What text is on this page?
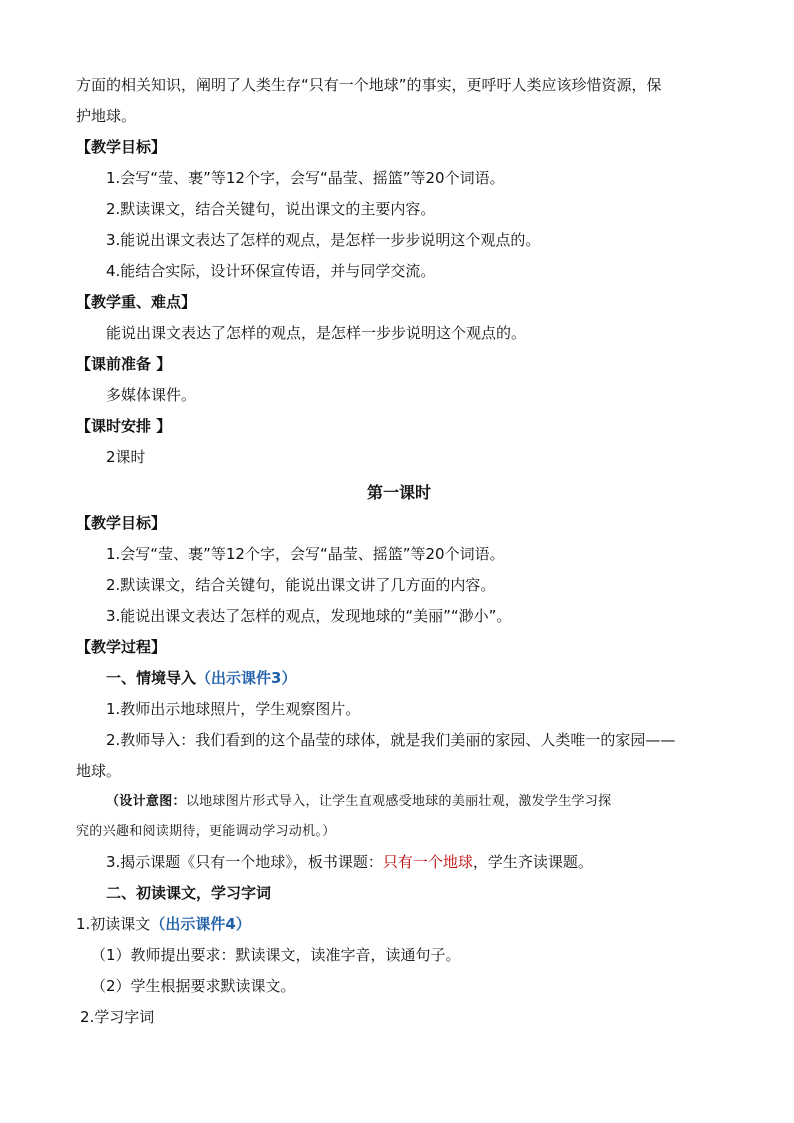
方面的相关知识，阐明了人类生存“只有一个地球”的事实，更呼吁人类应该珍惜资源，保
护地球。
【教学目标】
1.会写“莹、裹”等12个字，会写“晶莹、摇篮”等20个词语。
2.默读课文，结合关键句，说出课文的主要内容。
3.能说出课文表达了怎样的观点，是怎样一步步说明这个观点的。
4.能结合实际，设计环保宣传语，并与同学交流。
【教学重、难点】
能说出课文表达了怎样的观点，是怎样一步步说明这个观点的。
【课前准备 】
多媒体课件。
【课时安排 】
2课时
第一课时
【教学目标】
1.会写“莹、裹”等12个字，会写“晶莹、摇篮”等20个词语。
2.默读课文，结合关键句，能说出课文讲了几方面的内容。
3.能说出课文表达了怎样的观点，发现地球的“美丽”“渺小”。
【教学过程】
一、情境导入（出示课件3）
1.教师出示地球照片，学生观察图片。
2.教师导入：我们看到的这个晶莹的球体，就是我们美丽的家园、人类唯一的家园——
地球。
（设计意图：以地球图片形式导入，让学生直观感受地球的美丽壮观，激发学生学习探
究的兴趣和阅读期待，更能调动学习动机。）
3.揭示课题《只有一个地球》，板书课题：只有一个地球，学生齐读课题。
二、初读课文，学习字词
1.初读课文（出示课件4）
（1）教师提出要求：默读课文，读准字音，读通句子。
（2）学生根据要求默读课文。
2.学习字词
